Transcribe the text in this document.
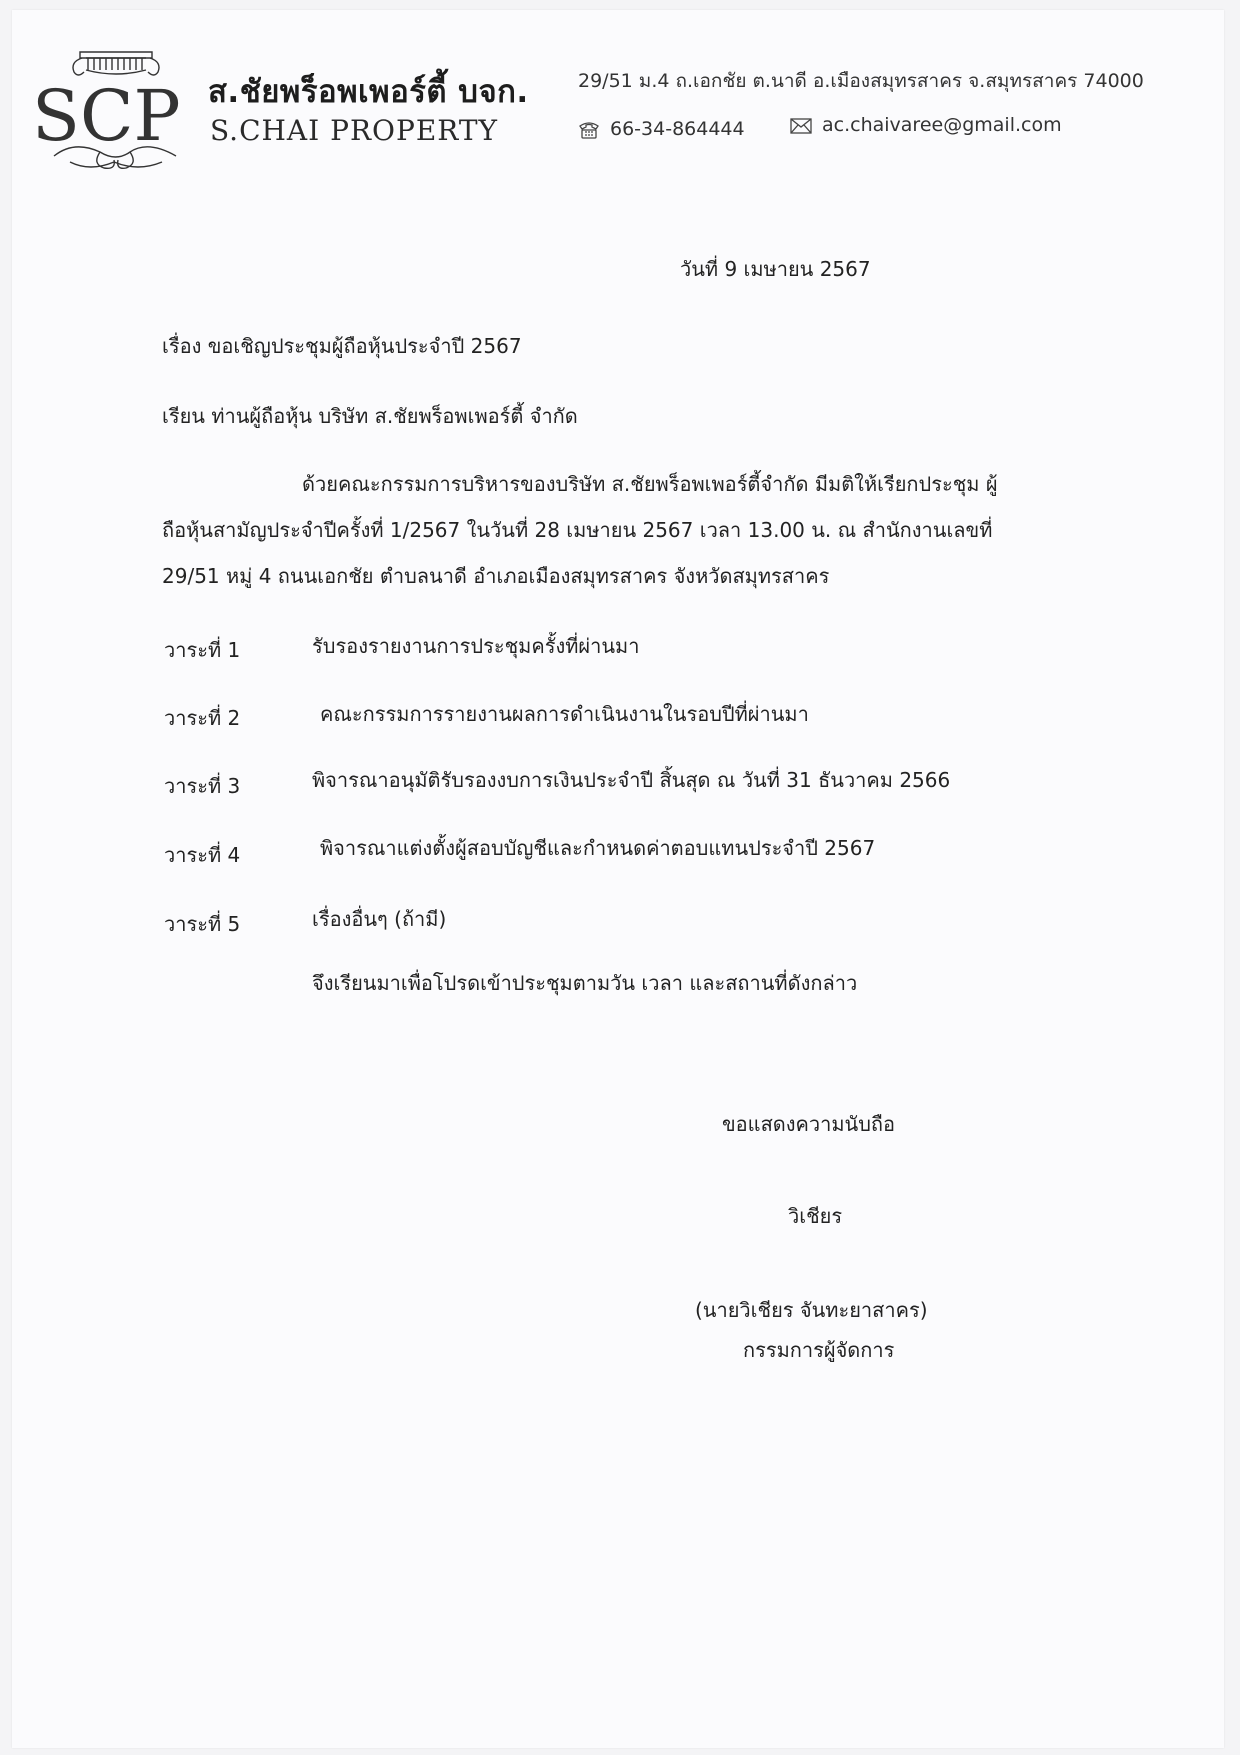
SCP ส.ชัยพร็อพเพอร์ตี้ บจก.
S.CHAI PROPERTY
29/51 ม.4 ถ.เอกชัย ต.นาดี อ.เมืองสมุทรสาคร จ.สมุทรสาคร 74000
66-34-864444	ac.chaivaree@gmail.com
วันที่ 9 เมษายน 2567
เรื่อง ขอเชิญประชุมผู้ถือหุ้นประจำปี 2567
เรียน ท่านผู้ถือหุ้น บริษัท ส.ชัยพร็อพเพอร์ตี้ จำกัด
ด้วยคณะกรรมการบริหารของบริษัท ส.ชัยพร็อพเพอร์ตี้จำกัด มีมติให้เรียกประชุม ผู้
ถือหุ้นสามัญประจำปีครั้งที่ 1/2567 ในวันที่ 28 เมษายน 2567 เวลา 13.00 น. ณ สำนักงานเลขที่
29/51 หมู่ 4 ถนนเอกชัย ตำบลนาดี อำเภอเมืองสมุทรสาคร จังหวัดสมุทรสาคร
วาระที่ 1	รับรองรายงานการประชุมครั้งที่ผ่านมา
วาระที่ 2	คณะกรรมการรายงานผลการดำเนินงานในรอบปีที่ผ่านมา
วาระที่ 3	พิจารณาอนุมัติรับรองงบการเงินประจำปี สิ้นสุด ณ วันที่ 31 ธันวาคม 2566
วาระที่ 4	พิจารณาแต่งตั้งผู้สอบบัญชีและกำหนดค่าตอบแทนประจำปี 2567
วาระที่ 5	เรื่องอื่นๆ (ถ้ามี)
จึงเรียนมาเพื่อโปรดเข้าประชุมตามวัน เวลา และสถานที่ดังกล่าว
ขอแสดงความนับถือ
วิเชียร
(นายวิเชียร จันทะยาสาคร)
กรรมการผู้จัดการ
